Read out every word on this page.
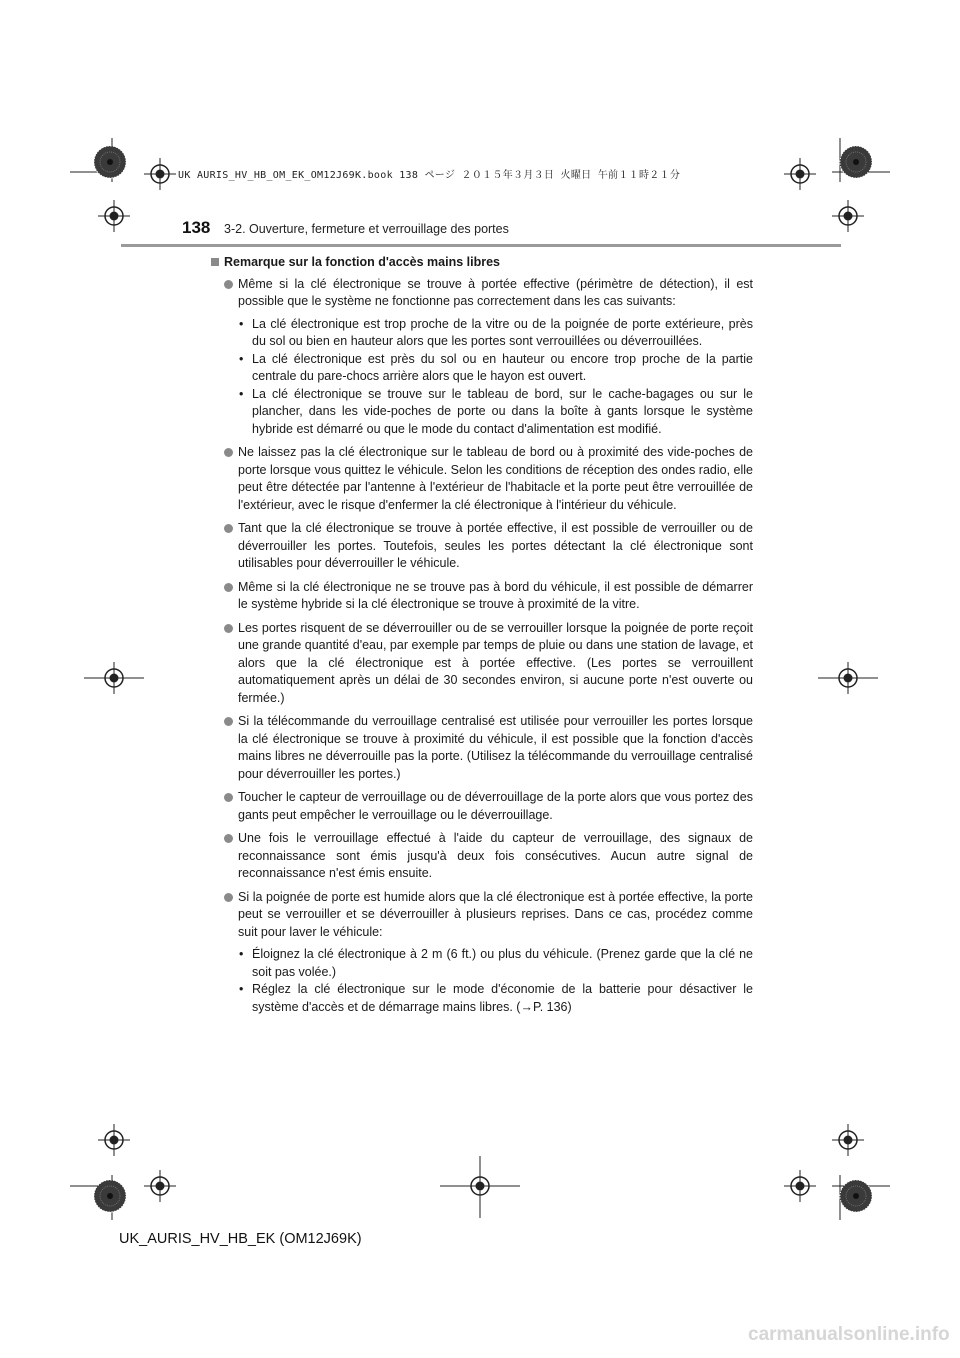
UK AURIS_HV_HB_OM_EK_OM12J69K.book 138 ページ ２０１５年３月３日 火曜日 午前１１時２１分
138 3-2. Ouverture, fermeture et verrouillage des portes
Remarque sur la fonction d'accès mains libres
Même si la clé électronique se trouve à portée effective (périmètre de détection), il est possible que le système ne fonctionne pas correctement dans les cas suivants:
• La clé électronique est trop proche de la vitre ou de la poignée de porte extérieure, près du sol ou bien en hauteur alors que les portes sont verrouillées ou déverrouillées.
• La clé électronique est près du sol ou en hauteur ou encore trop proche de la partie centrale du pare-chocs arrière alors que le hayon est ouvert.
• La clé électronique se trouve sur le tableau de bord, sur le cache-bagages ou sur le plancher, dans les vide-poches de porte ou dans la boîte à gants lorsque le système hybride est démarré ou que le mode du contact d'alimentation est modifié.
Ne laissez pas la clé électronique sur le tableau de bord ou à proximité des vide-poches de porte lorsque vous quittez le véhicule. Selon les conditions de réception des ondes radio, elle peut être détectée par l'antenne à l'extérieur de l'habitacle et la porte peut être verrouillée de l'extérieur, avec le risque d'enfermer la clé électronique à l'intérieur du véhicule.
Tant que la clé électronique se trouve à portée effective, il est possible de verrouiller ou de déverrouiller les portes. Toutefois, seules les portes détectant la clé électronique sont utilisables pour déverrouiller le véhicule.
Même si la clé électronique ne se trouve pas à bord du véhicule, il est possible de démarrer le système hybride si la clé électronique se trouve à proximité de la vitre.
Les portes risquent de se déverrouiller ou de se verrouiller lorsque la poignée de porte reçoit une grande quantité d'eau, par exemple par temps de pluie ou dans une station de lavage, et alors que la clé électronique est à portée effective. (Les portes se verrouillent automatiquement après un délai de 30 secondes environ, si aucune porte n'est ouverte ou fermée.)
Si la télécommande du verrouillage centralisé est utilisée pour verrouiller les portes lorsque la clé électronique se trouve à proximité du véhicule, il est possible que la fonction d'accès mains libres ne déverrouille pas la porte. (Utilisez la télécommande du verrouillage centralisé pour déverrouiller les portes.)
Toucher le capteur de verrouillage ou de déverrouillage de la porte alors que vous portez des gants peut empêcher le verrouillage ou le déverrouillage.
Une fois le verrouillage effectué à l'aide du capteur de verrouillage, des signaux de reconnaissance sont émis jusqu'à deux fois consécutives. Aucun autre signal de reconnaissance n'est émis ensuite.
Si la poignée de porte est humide alors que la clé électronique est à portée effective, la porte peut se verrouiller et se déverrouiller à plusieurs reprises. Dans ce cas, procédez comme suit pour laver le véhicule:
• Éloignez la clé électronique à 2 m (6 ft.) ou plus du véhicule. (Prenez garde que la clé ne soit pas volée.)
• Réglez la clé électronique sur le mode d'économie de la batterie pour désactiver le système d'accès et de démarrage mains libres. (→P. 136)
UK_AURIS_HV_HB_EK (OM12J69K)
carmanualsonline.info
